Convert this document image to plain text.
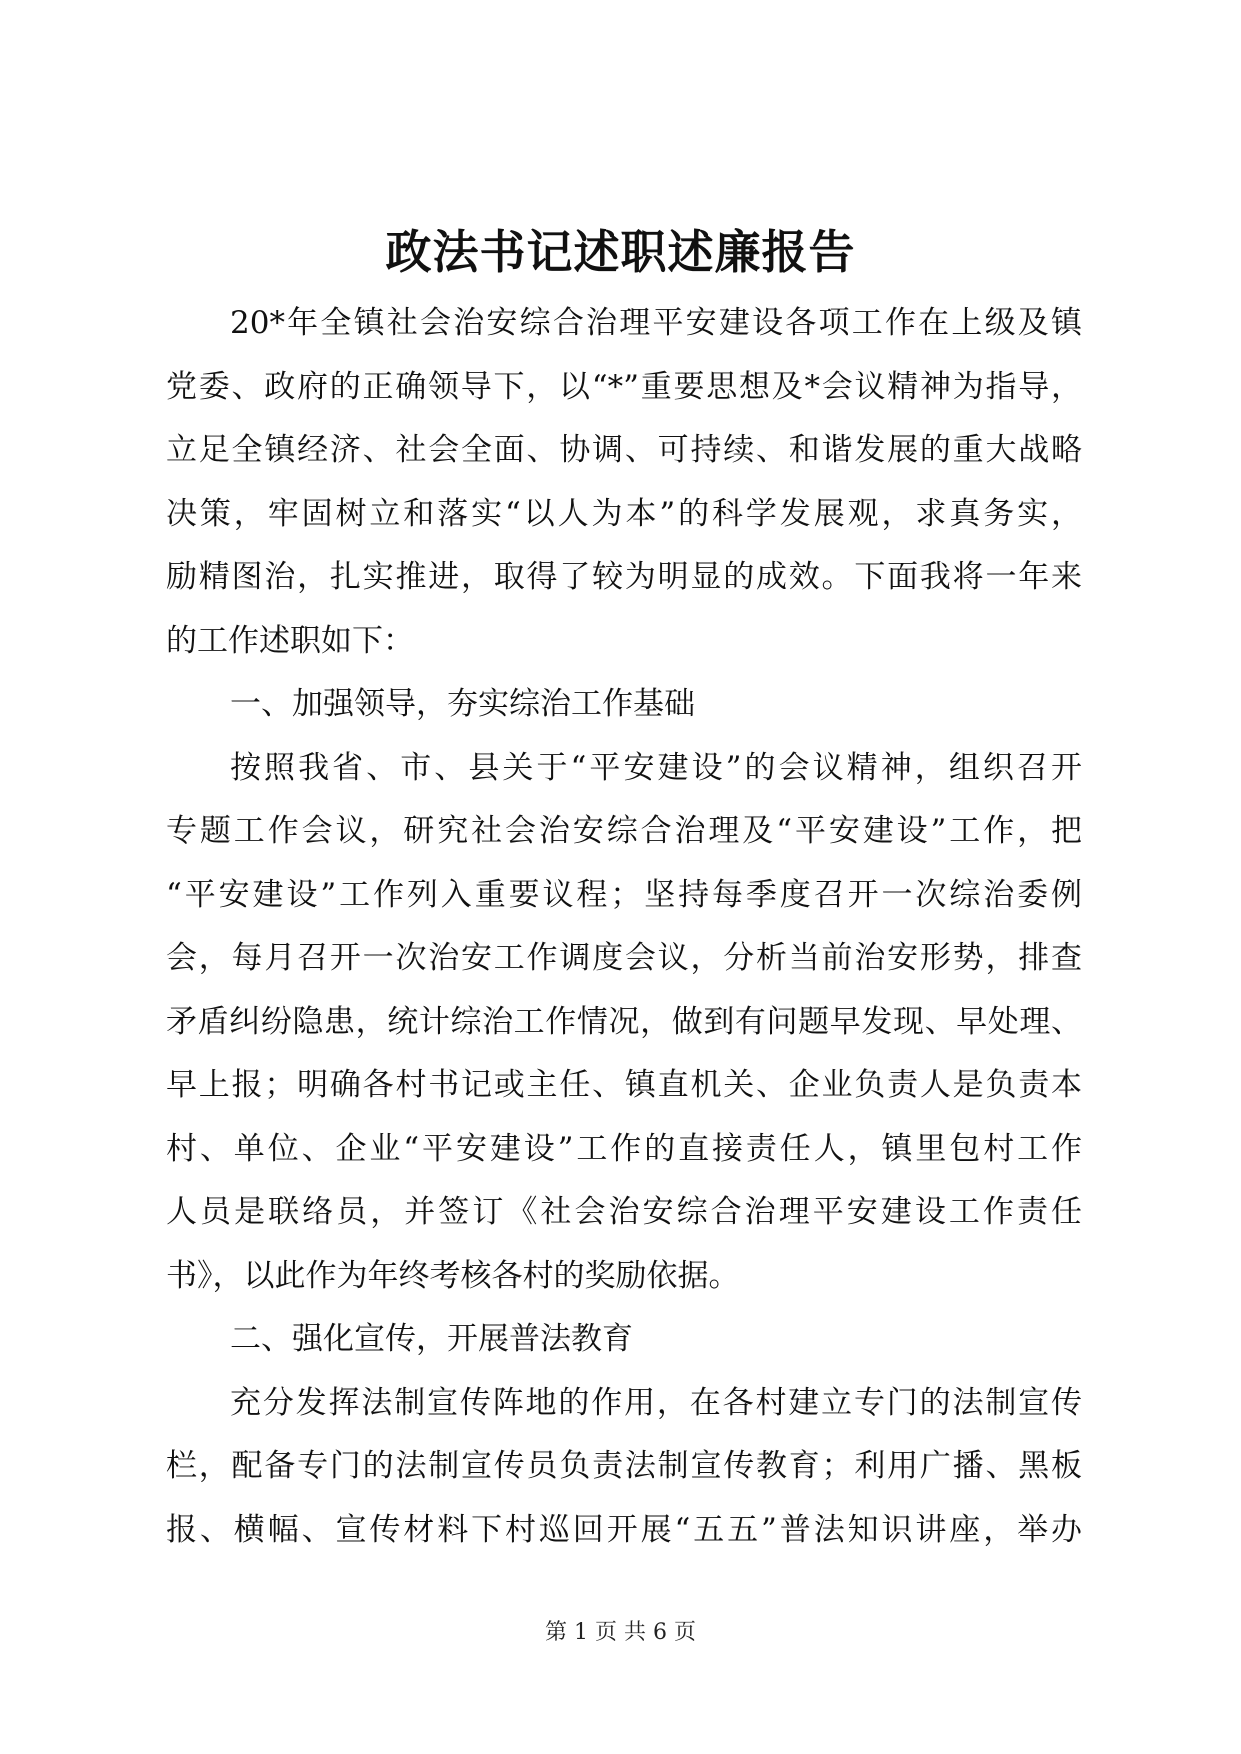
政法书记述职述廉报告
20*年全镇社会治安综合治理平安建设各项工作在上级及镇
党委、政府的正确领导下，以“*”重要思想及*会议精神为指导，
立足全镇经济、社会全面、协调、可持续、和谐发展的重大战略
决策，牢固树立和落实“以人为本”的科学发展观，求真务实，
励精图治，扎实推进，取得了较为明显的成效。下面我将一年来
的工作述职如下：
一、加强领导，夯实综治工作基础
按照我省、市、县关于“平安建设”的会议精神，组织召开
专题工作会议，研究社会治安综合治理及“平安建设”工作，把
“平安建设”工作列入重要议程；坚持每季度召开一次综治委例
会，每月召开一次治安工作调度会议，分析当前治安形势，排查
矛盾纠纷隐患，统计综治工作情况，做到有问题早发现、早处理、
早上报；明确各村书记或主任、镇直机关、企业负责人是负责本
村、单位、企业“平安建设”工作的直接责任人，镇里包村工作
人员是联络员，并签订《社会治安综合治理平安建设工作责任
书》，以此作为年终考核各村的奖励依据。
二、强化宣传，开展普法教育
充分发挥法制宣传阵地的作用，在各村建立专门的法制宣传
栏，配备专门的法制宣传员负责法制宣传教育；利用广播、黑板
报、横幅、宣传材料下村巡回开展“五五”普法知识讲座，举办
第 1 页 共 6 页
